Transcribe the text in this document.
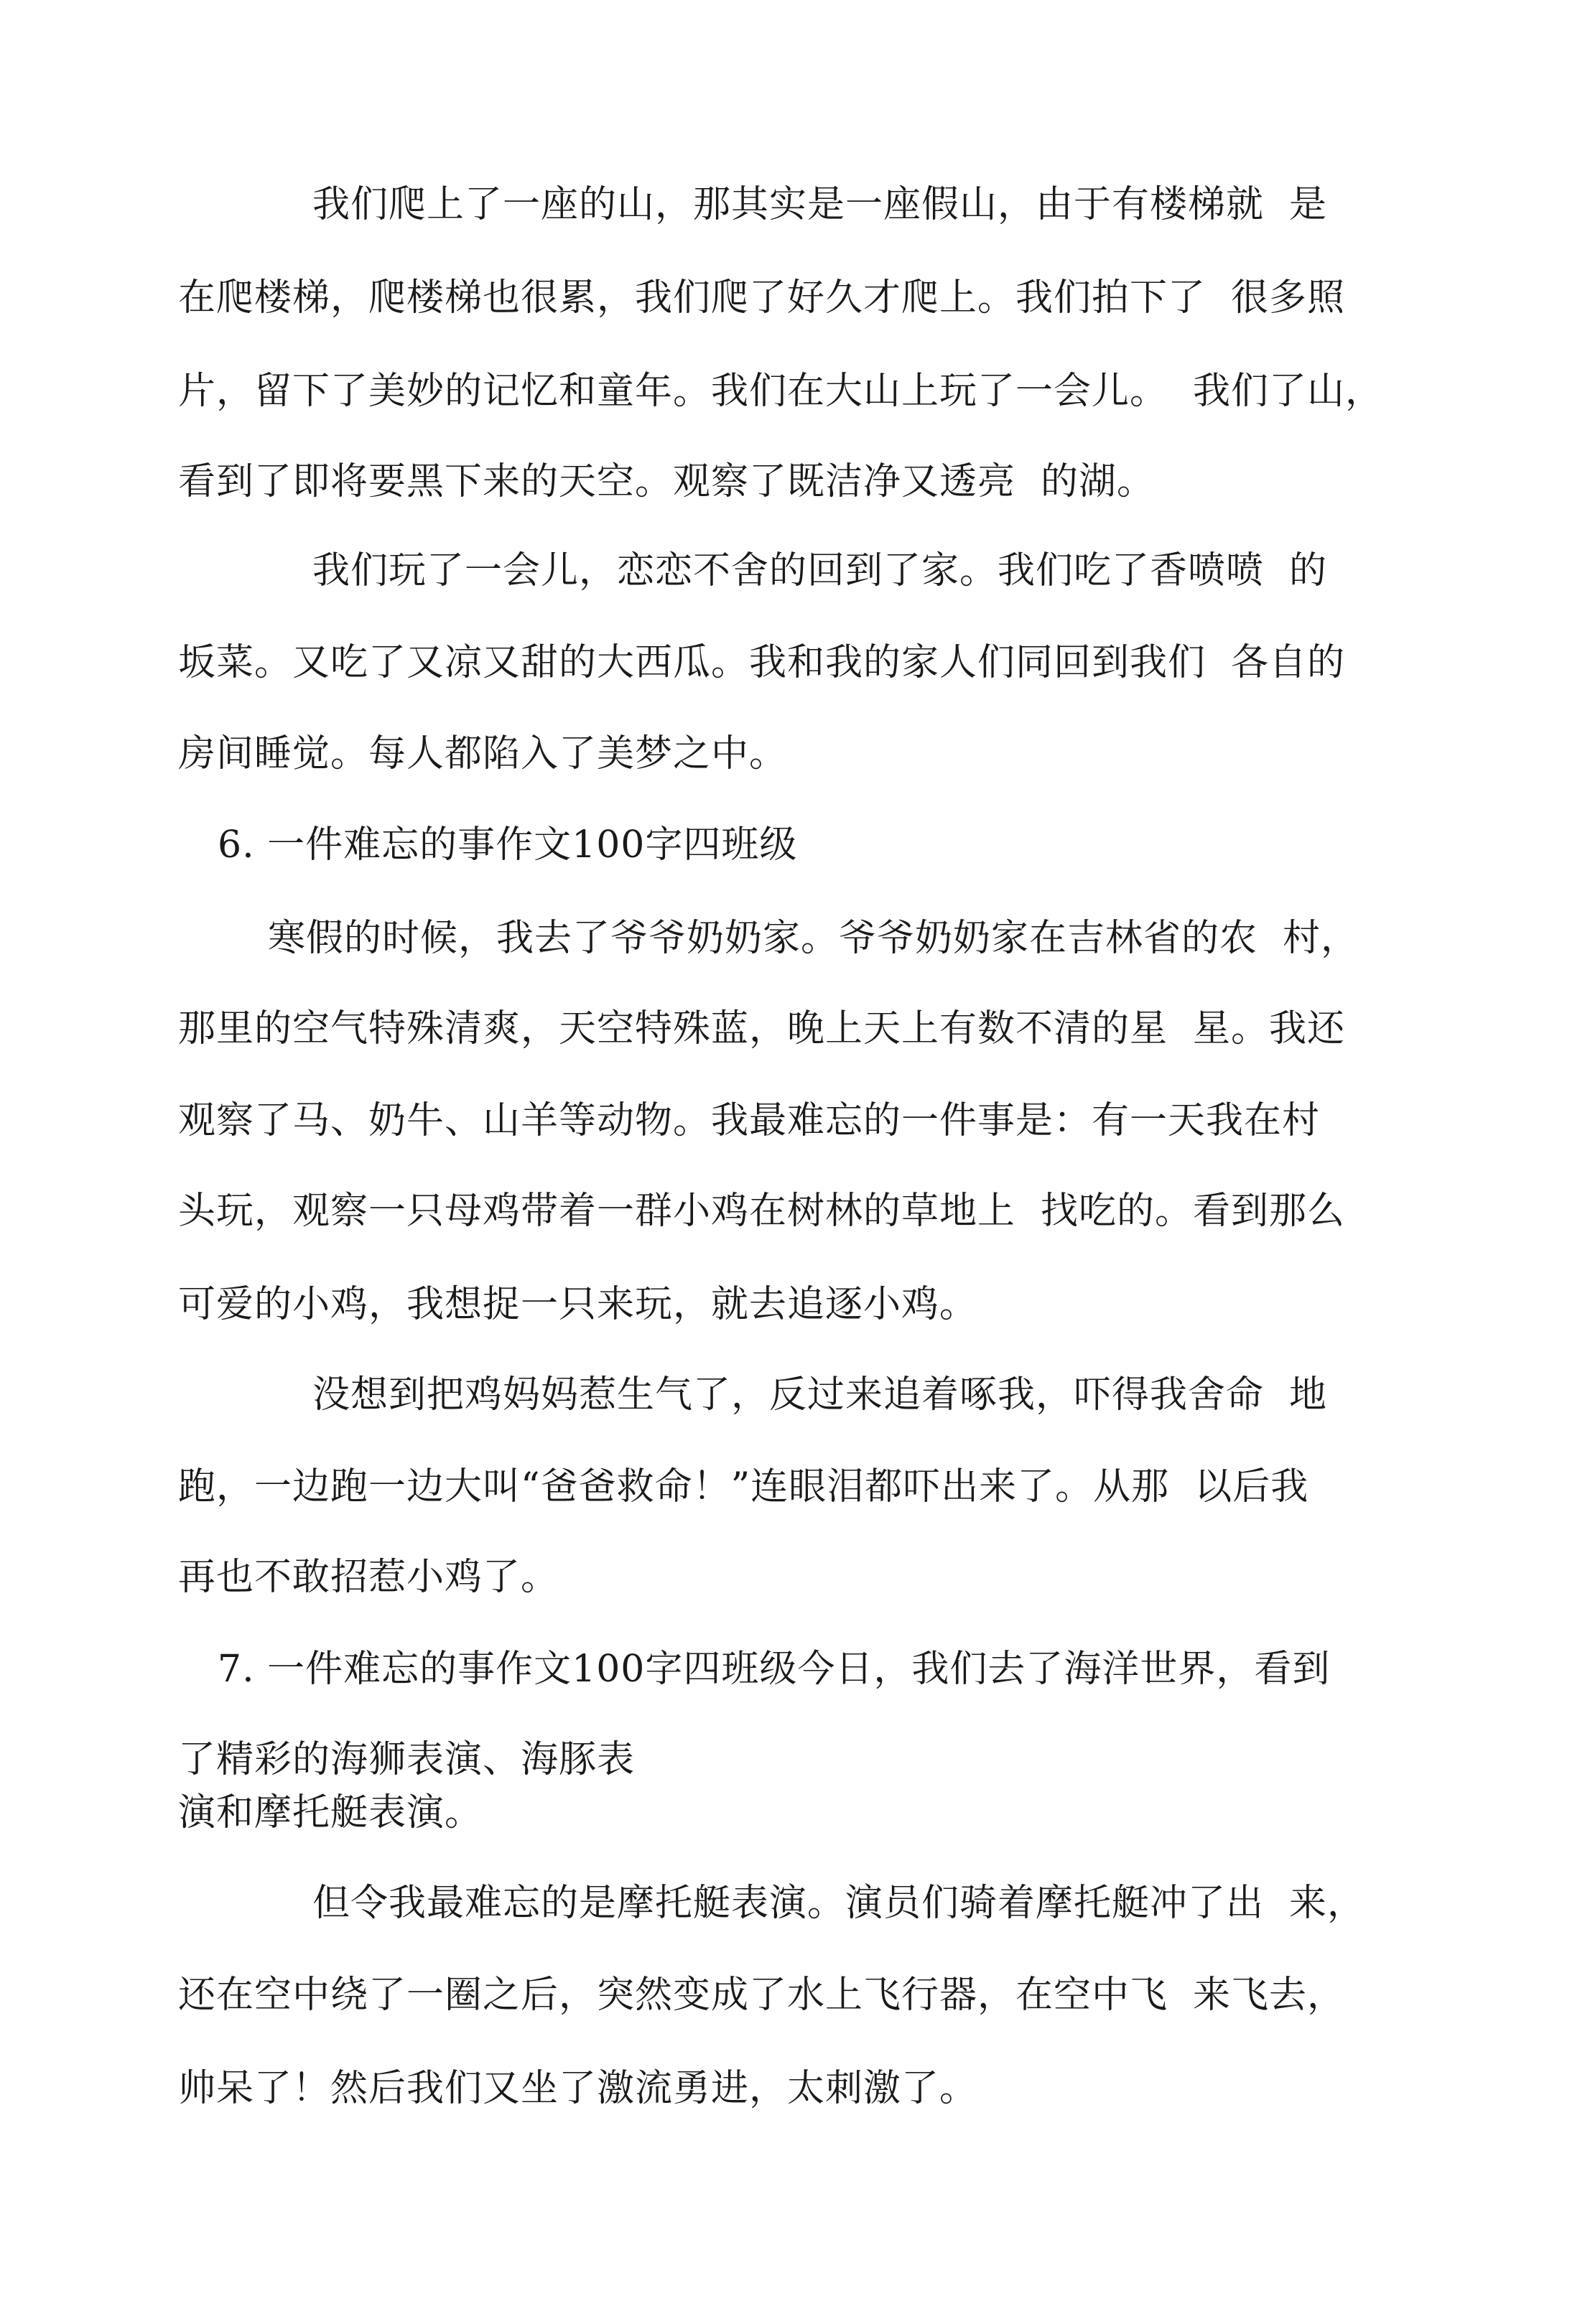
我们爬上了一座的山，那其实是一座假山，由于有楼梯就  是
在爬楼梯，爬楼梯也很累，我们爬了好久才爬上。我们拍下了  很多照
片，留下了美妙的记忆和童年。我们在大山上玩了一会儿。  我们了山，
看到了即将要黑下来的天空。观察了既洁净又透亮  的湖。
我们玩了一会儿，恋恋不舍的回到了家。我们吃了香喷喷  的
坂菜。又吃了又凉又甜的大西瓜。我和我的家人们同回到我们  各自的
房间睡觉。每人都陷入了美梦之中。
6. 一件难忘的事作文100字四班级
寒假的时候，我去了爷爷奶奶家。爷爷奶奶家在吉林省的农  村，
那里的空气特殊清爽，天空特殊蓝，晚上天上有数不清的星  星。我还
观察了马、奶牛、山羊等动物。我最难忘的一件事是：有一天我在村
头玩，观察一只母鸡带着一群小鸡在树林的草地上  找吃的。看到那么
可爱的小鸡，我想捉一只来玩，就去追逐小鸡。
没想到把鸡妈妈惹生气了，反过来追着啄我，吓得我舍命  地
跑，一边跑一边大叫“爸爸救命！”连眼泪都吓出来了。从那  以后我
再也不敢招惹小鸡了。
7. 一件难忘的事作文100字四班级今日，我们去了海洋世界，看到
了精彩的海狮表演、海豚表
演和摩托艇表演。
但令我最难忘的是摩托艇表演。演员们骑着摩托艇冲了出  来，
还在空中绕了一圈之后，突然变成了水上飞行器，在空中飞  来飞去，
帅呆了！然后我们又坐了激流勇进，太刺激了。
